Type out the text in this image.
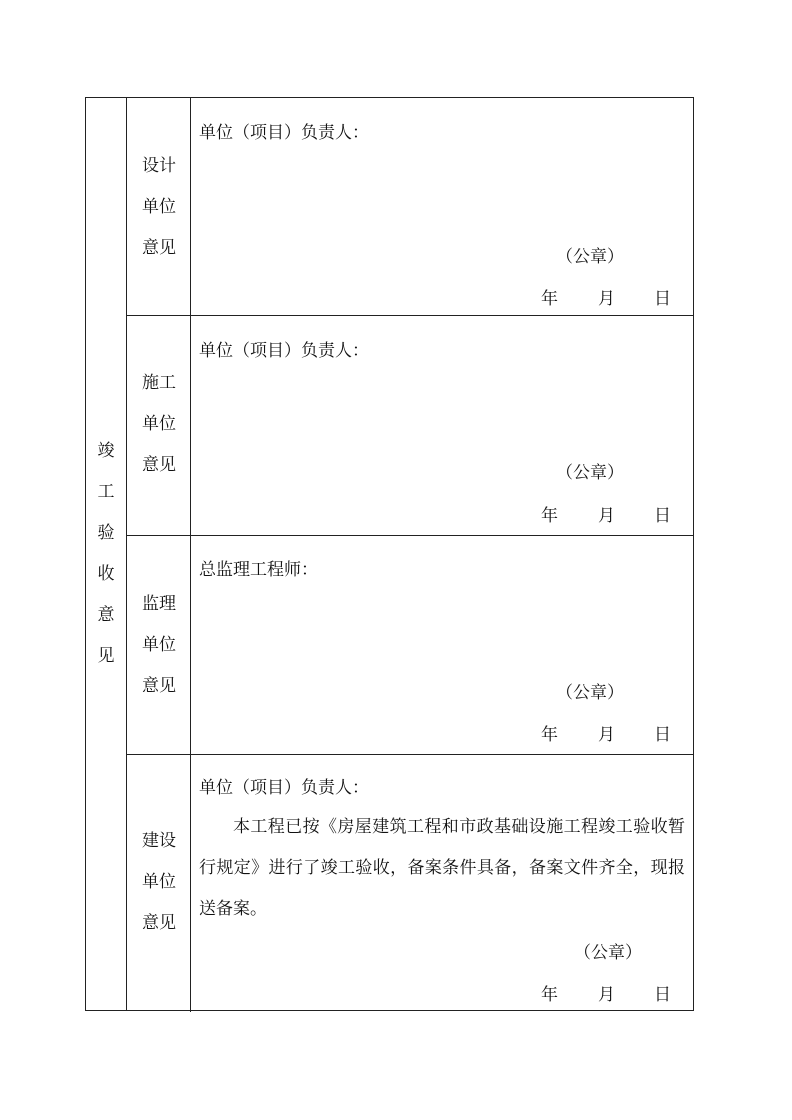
竣工验收意见
设计
单位
意见
单位（项目）负责人：
（公章）
年 月 日
施工
单位
意见
单位（项目）负责人：
（公章）
年 月 日
监理
单位
意见
总监理工程师：
（公章）
年 月 日
建设
单位
意见
单位（项目）负责人：
本工程已按《房屋建筑工程和市政基础设施工程竣工验收暂行规定》进行了竣工验收，备案条件具备，备案文件齐全，现报送备案。
（公章）
年 月 日
